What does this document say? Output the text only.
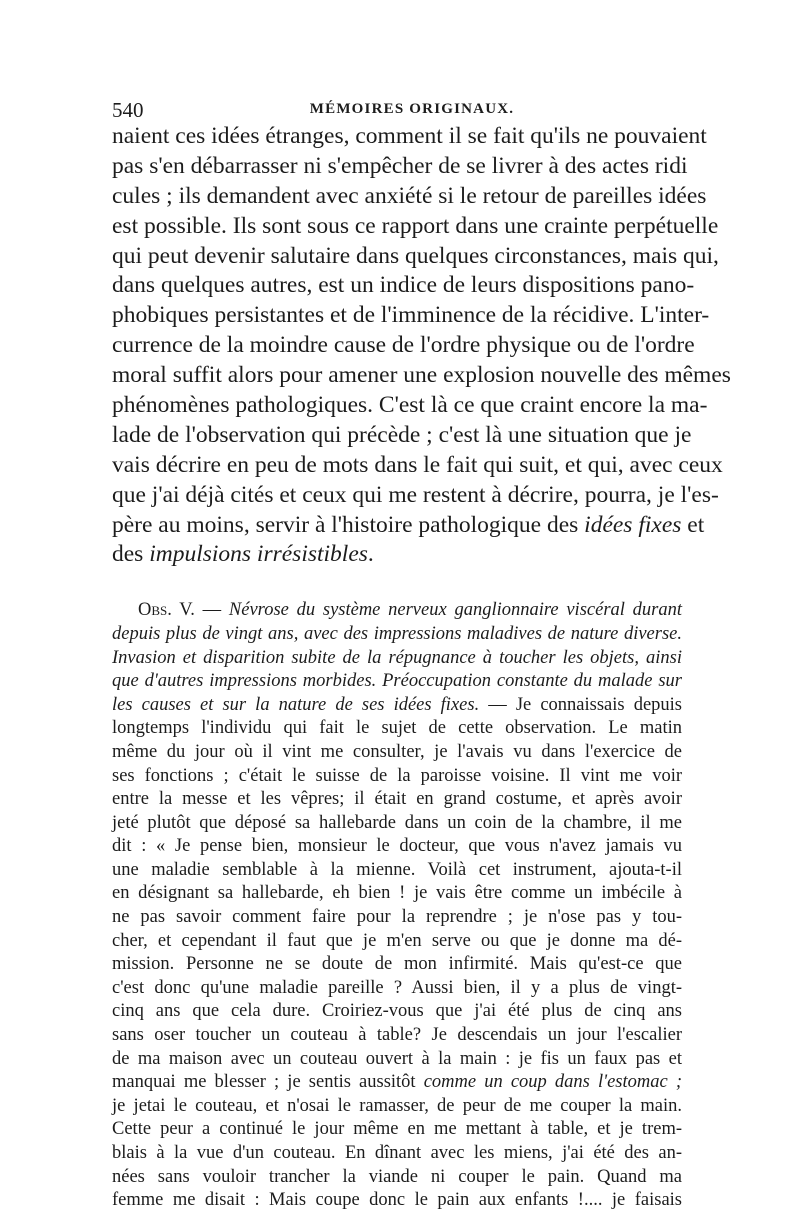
540	MÉMOIRES ORIGINAUX.
naient ces idées étranges, comment il se fait qu'ils ne pouvaient
pas s'en débarrasser ni s'empêcher de se livrer à des actes ridi
cules ; ils demandent avec anxiété si le retour de pareilles idées
est possible. Ils sont sous ce rapport dans une crainte perpétuelle
qui peut devenir salutaire dans quelques circonstances, mais qui,
dans quelques autres, est un indice de leurs dispositions pano-
phobiques persistantes et de l'imminence de la récidive. L'inter-
currence de la moindre cause de l'ordre physique ou de l'ordre
moral suffit alors pour amener une explosion nouvelle des mêmes
phénomènes pathologiques. C'est là ce que craint encore la ma-
lade de l'observation qui précède ; c'est là une situation que je
vais décrire en peu de mots dans le fait qui suit, et qui, avec ceux
que j'ai déjà cités et ceux qui me restent à décrire, pourra, je l'es-
père au moins, servir à l'histoire pathologique des idées fixes et
des impulsions irrésistibles.
Obs. V. — Névrose du système nerveux ganglionnaire viscéral durant
depuis plus de vingt ans, avec des impressions maladives de nature diverse.
Invasion et disparition subite de la répugnance à toucher les objets, ainsi
que d'autres impressions morbides. Préoccupation constante du malade sur
les causes et sur la nature de ses idées fixes. — Je connaissais depuis
longtemps l'individu qui fait le sujet de cette observation. Le matin
même du jour où il vint me consulter, je l'avais vu dans l'exercice de
ses fonctions ; c'était le suisse de la paroisse voisine. Il vint me voir
entre la messe et les vêpres; il était en grand costume, et après avoir
jeté plutôt que déposé sa hallebarde dans un coin de la chambre, il me
dit : « Je pense bien, monsieur le docteur, que vous n'avez jamais vu
une maladie semblable à la mienne. Voilà cet instrument, ajouta-t-il
en désignant sa hallebarde, eh bien ! je vais être comme un imbécile à
ne pas savoir comment faire pour la reprendre ; je n'ose pas y tou-
cher, et cependant il faut que je m'en serve ou que je donne ma dé-
mission. Personne ne se doute de mon infirmité. Mais qu'est-ce que
c'est donc qu'une maladie pareille ? Aussi bien, il y a plus de vingt-
cinq ans que cela dure. Croiriez-vous que j'ai été plus de cinq ans
sans oser toucher un couteau à table? Je descendais un jour l'escalier
de ma maison avec un couteau ouvert à la main : je fis un faux pas et
manquai me blesser ; je sentis aussitôt comme un coup dans l'estomac ;
je jetai le couteau, et n'osai le ramasser, de peur de me couper la main.
Cette peur a continué le jour même en me mettant à table, et je trem-
blais à la vue d'un couteau. En dînant avec les miens, j'ai été des an-
nées sans vouloir trancher la viande ni couper le pain. Quand ma
femme me disait : Mais coupe donc le pain aux enfants !.... je faisais
